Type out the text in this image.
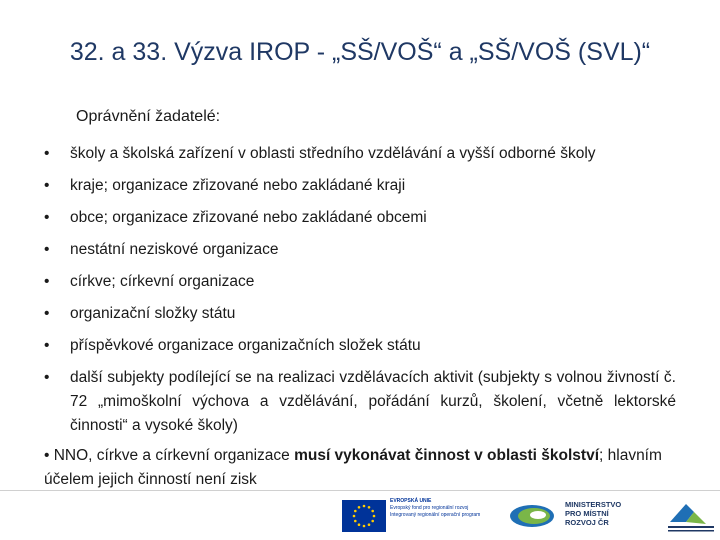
32. a 33. Výzva IROP - „SŠ/VOŠ“ a „SŠ/VOŠ (SVL)“

Oprávnění žadatelé:

•	školy a školská zařízení v oblasti středního vzdělávání a vyšší odborné školy
•	kraje; organizace zřizované nebo zakládané kraji
•	obce; organizace zřizované nebo zakládané obcemi
•	nestátní neziskové organizace
•	církve; církevní organizace
•	organizační složky státu
•	příspěvkové organizace organizačních složek státu
•	další subjekty podílející se na realizaci vzdělávacích aktivit (subjekty s volnou živností č. 72 „mimoškolní výchova a vzdělávání, pořádání kurzů, školení, včetně lektorské činnosti“ a vysoké školy)
• NNO, církve a církevní organizace musí vykonávat činnost v oblasti školství; hlavním účelem jejich činností není zisk
EVROPSKÁ UNIE
Evropský fond pro regionální rozvoj
Integrovaný regionální operační program
MINISTERSTVO
PRO MÍSTNÍ
ROZVOJ ČR
